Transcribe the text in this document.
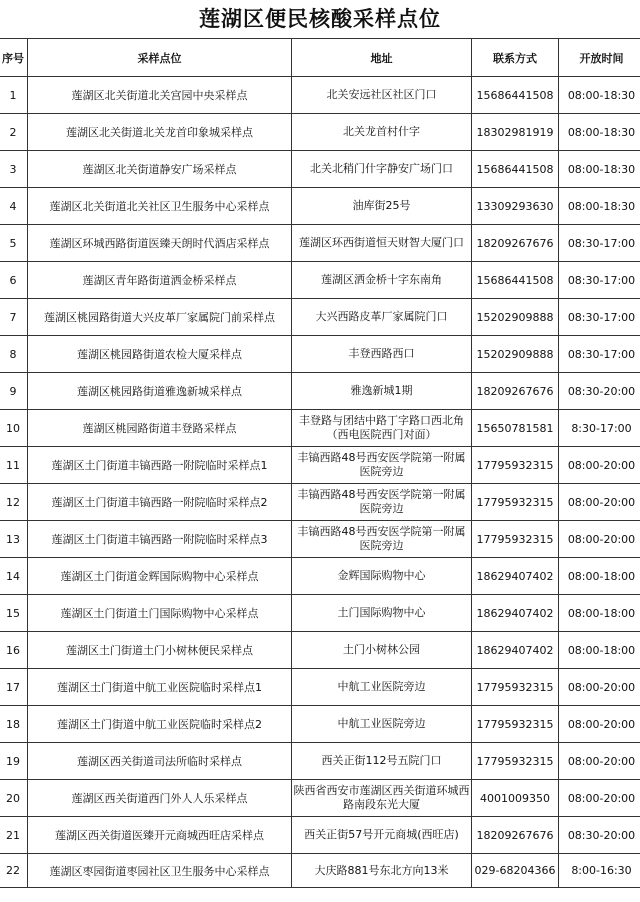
莲湖区便民核酸采样点位
序号	采样点位	地址	联系方式	开放时间
1	莲湖区北关街道北关宫园中央采样点	北关安远社区社区门口	15686441508	08:00-18:30
2	莲湖区北关街道北关龙首印象城采样点	北关龙首村什字	18302981919	08:00-18:30
3	莲湖区北关街道静安广场采样点	北关北稍门什字静安广场门口	15686441508	08:00-18:30
4	莲湖区北关街道北关社区卫生服务中心采样点	油库街25号	13309293630	08:00-18:30
5	莲湖区环城西路街道医臻天朗时代酒店采样点	莲湖区环西街道恒天财智大厦门口	18209267676	08:30-17:00
6	莲湖区青年路街道洒金桥采样点	莲湖区洒金桥十字东南角	15686441508	08:30-17:00
7	莲湖区桃园路街道大兴皮革厂家属院门前采样点	大兴西路皮革厂家属院门口	15202909888	08:30-17:00
8	莲湖区桃园路街道农检大厦采样点	丰登西路西口	15202909888	08:30-17:00
9	莲湖区桃园路街道雅逸新城采样点	雅逸新城1期	18209267676	08:30-20:00
10	莲湖区桃园路街道丰登路采样点	丰登路与团结中路丁字路口西北角（西电医院西门对面）	15650781581	8:30-17:00
11	莲湖区土门街道丰镐西路一附院临时采样点1	丰镐西路48号西安医学院第一附属医院旁边	17795932315	08:00-20:00
12	莲湖区土门街道丰镐西路一附院临时采样点2	丰镐西路48号西安医学院第一附属医院旁边	17795932315	08:00-20:00
13	莲湖区土门街道丰镐西路一附院临时采样点3	丰镐西路48号西安医学院第一附属医院旁边	17795932315	08:00-20:00
14	莲湖区土门街道金辉国际购物中心采样点	金辉国际购物中心	18629407402	08:00-18:00
15	莲湖区土门街道土门国际购物中心采样点	土门国际购物中心	18629407402	08:00-18:00
16	莲湖区土门街道土门小树林便民采样点	土门小树林公园	18629407402	08:00-18:00
17	莲湖区土门街道中航工业医院临时采样点1	中航工业医院旁边	17795932315	08:00-20:00
18	莲湖区土门街道中航工业医院临时采样点2	中航工业医院旁边	17795932315	08:00-20:00
19	莲湖区西关街道司法所临时采样点	西关正街112号五院门口	17795932315	08:00-20:00
20	莲湖区西关街道西门外人人乐采样点	陕西省西安市莲湖区西关街道环城西路南段东光大厦	4001009350	08:00-20:00
21	莲湖区西关街道医臻开元商城西旺店采样点	西关正街57号开元商城(西旺店)	18209267676	08:30-20:00
22	莲湖区枣园街道枣园社区卫生服务中心采样点	大庆路881号东北方向13米	029-68204366	8:00-16:30
